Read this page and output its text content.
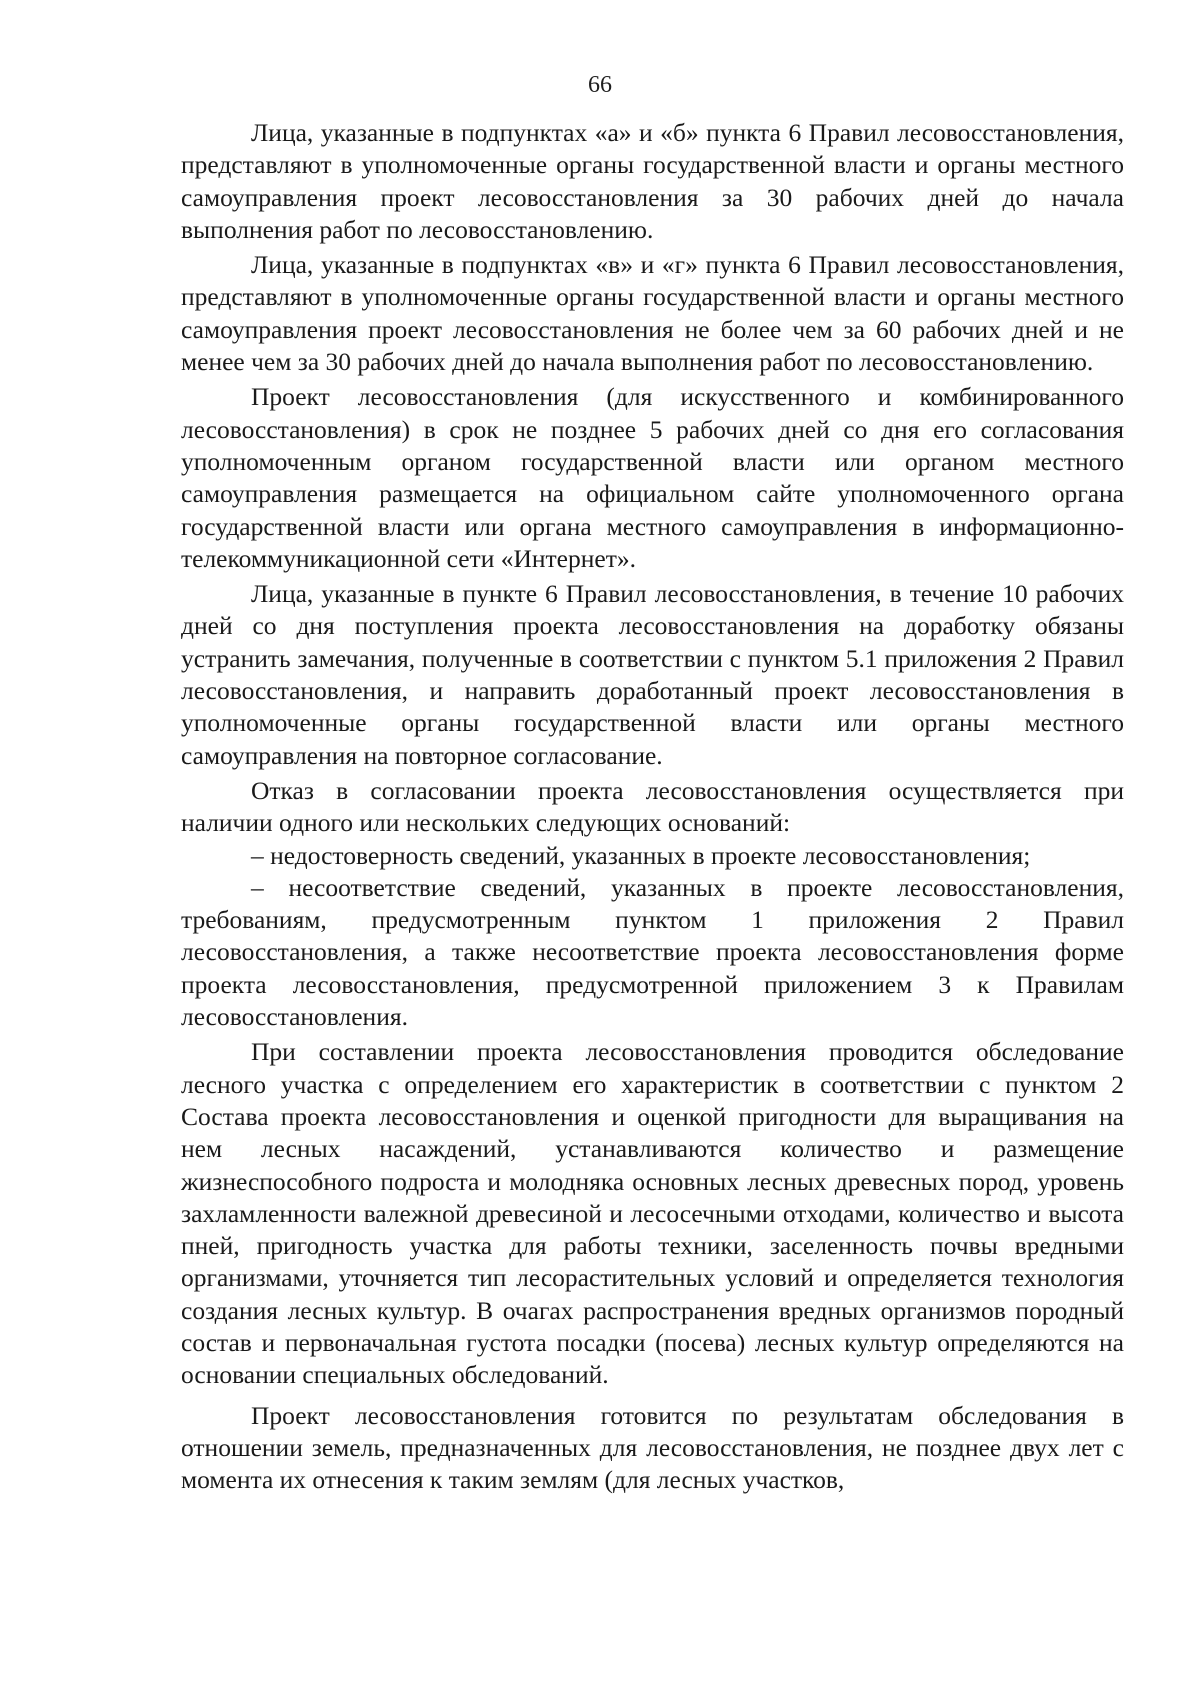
66

Лица, указанные в подпунктах «а» и «б» пункта 6 Правил лесовосстановления, представляют в уполномоченные органы государственной власти и органы местного самоуправления проект лесовосстановления за 30 рабочих дней до начала выполнения работ по лесовосстановлению.

Лица, указанные в подпунктах «в» и «г» пункта 6 Правил лесовосстановления, представляют в уполномоченные органы государственной власти и органы местного самоуправления проект лесовосстановления не более чем за 60 рабочих дней и не менее чем за 30 рабочих дней до начала выполнения работ по лесовосстановлению.

Проект лесовосстановления (для искусственного и комбинированного лесовосстановления) в срок не позднее 5 рабочих дней со дня его согласования уполномоченным органом государственной власти или органом местного самоуправления размещается на официальном сайте уполномоченного органа государственной власти или органа местного самоуправления в информационно-телекоммуникационной сети «Интернет».

Лица, указанные в пункте 6 Правил лесовосстановления, в течение 10 рабочих дней со дня поступления проекта лесовосстановления на доработку обязаны устранить замечания, полученные в соответствии с пунктом 5.1 приложения 2 Правил лесовосстановления, и направить доработанный проект лесовосстановления в уполномоченные органы государственной власти или органы местного самоуправления на повторное согласование.

Отказ в согласовании проекта лесовосстановления осуществляется при наличии одного или нескольких следующих оснований:

– недостоверность сведений, указанных в проекте лесовосстановления;

– несоответствие сведений, указанных в проекте лесовосстановления, требованиям, предусмотренным пунктом 1 приложения 2 Правил лесовосстановления, а также несоответствие проекта лесовосстановления форме проекта лесовосстановления, предусмотренной приложением 3 к Правилам лесовосстановления.

При составлении проекта лесовосстановления проводится обследование лесного участка с определением его характеристик в соответствии с пунктом 2 Состава проекта лесовосстановления и оценкой пригодности для выращивания на нем лесных насаждений, устанавливаются количество и размещение жизнеспособного подроста и молодняка основных лесных древесных пород, уровень захламленности валежной древесиной и лесосечными отходами, количество и высота пней, пригодность участка для работы техники, заселенность почвы вредными организмами, уточняется тип лесорастительных условий и определяется технология создания лесных культур. В очагах распространения вредных организмов породный состав и первоначальная густота посадки (посева) лесных культур определяются на основании специальных обследований.

Проект лесовосстановления готовится по результатам обследования в отношении земель, предназначенных для лесовосстановления, не позднее двух лет с момента их отнесения к таким землям (для лесных участков,
